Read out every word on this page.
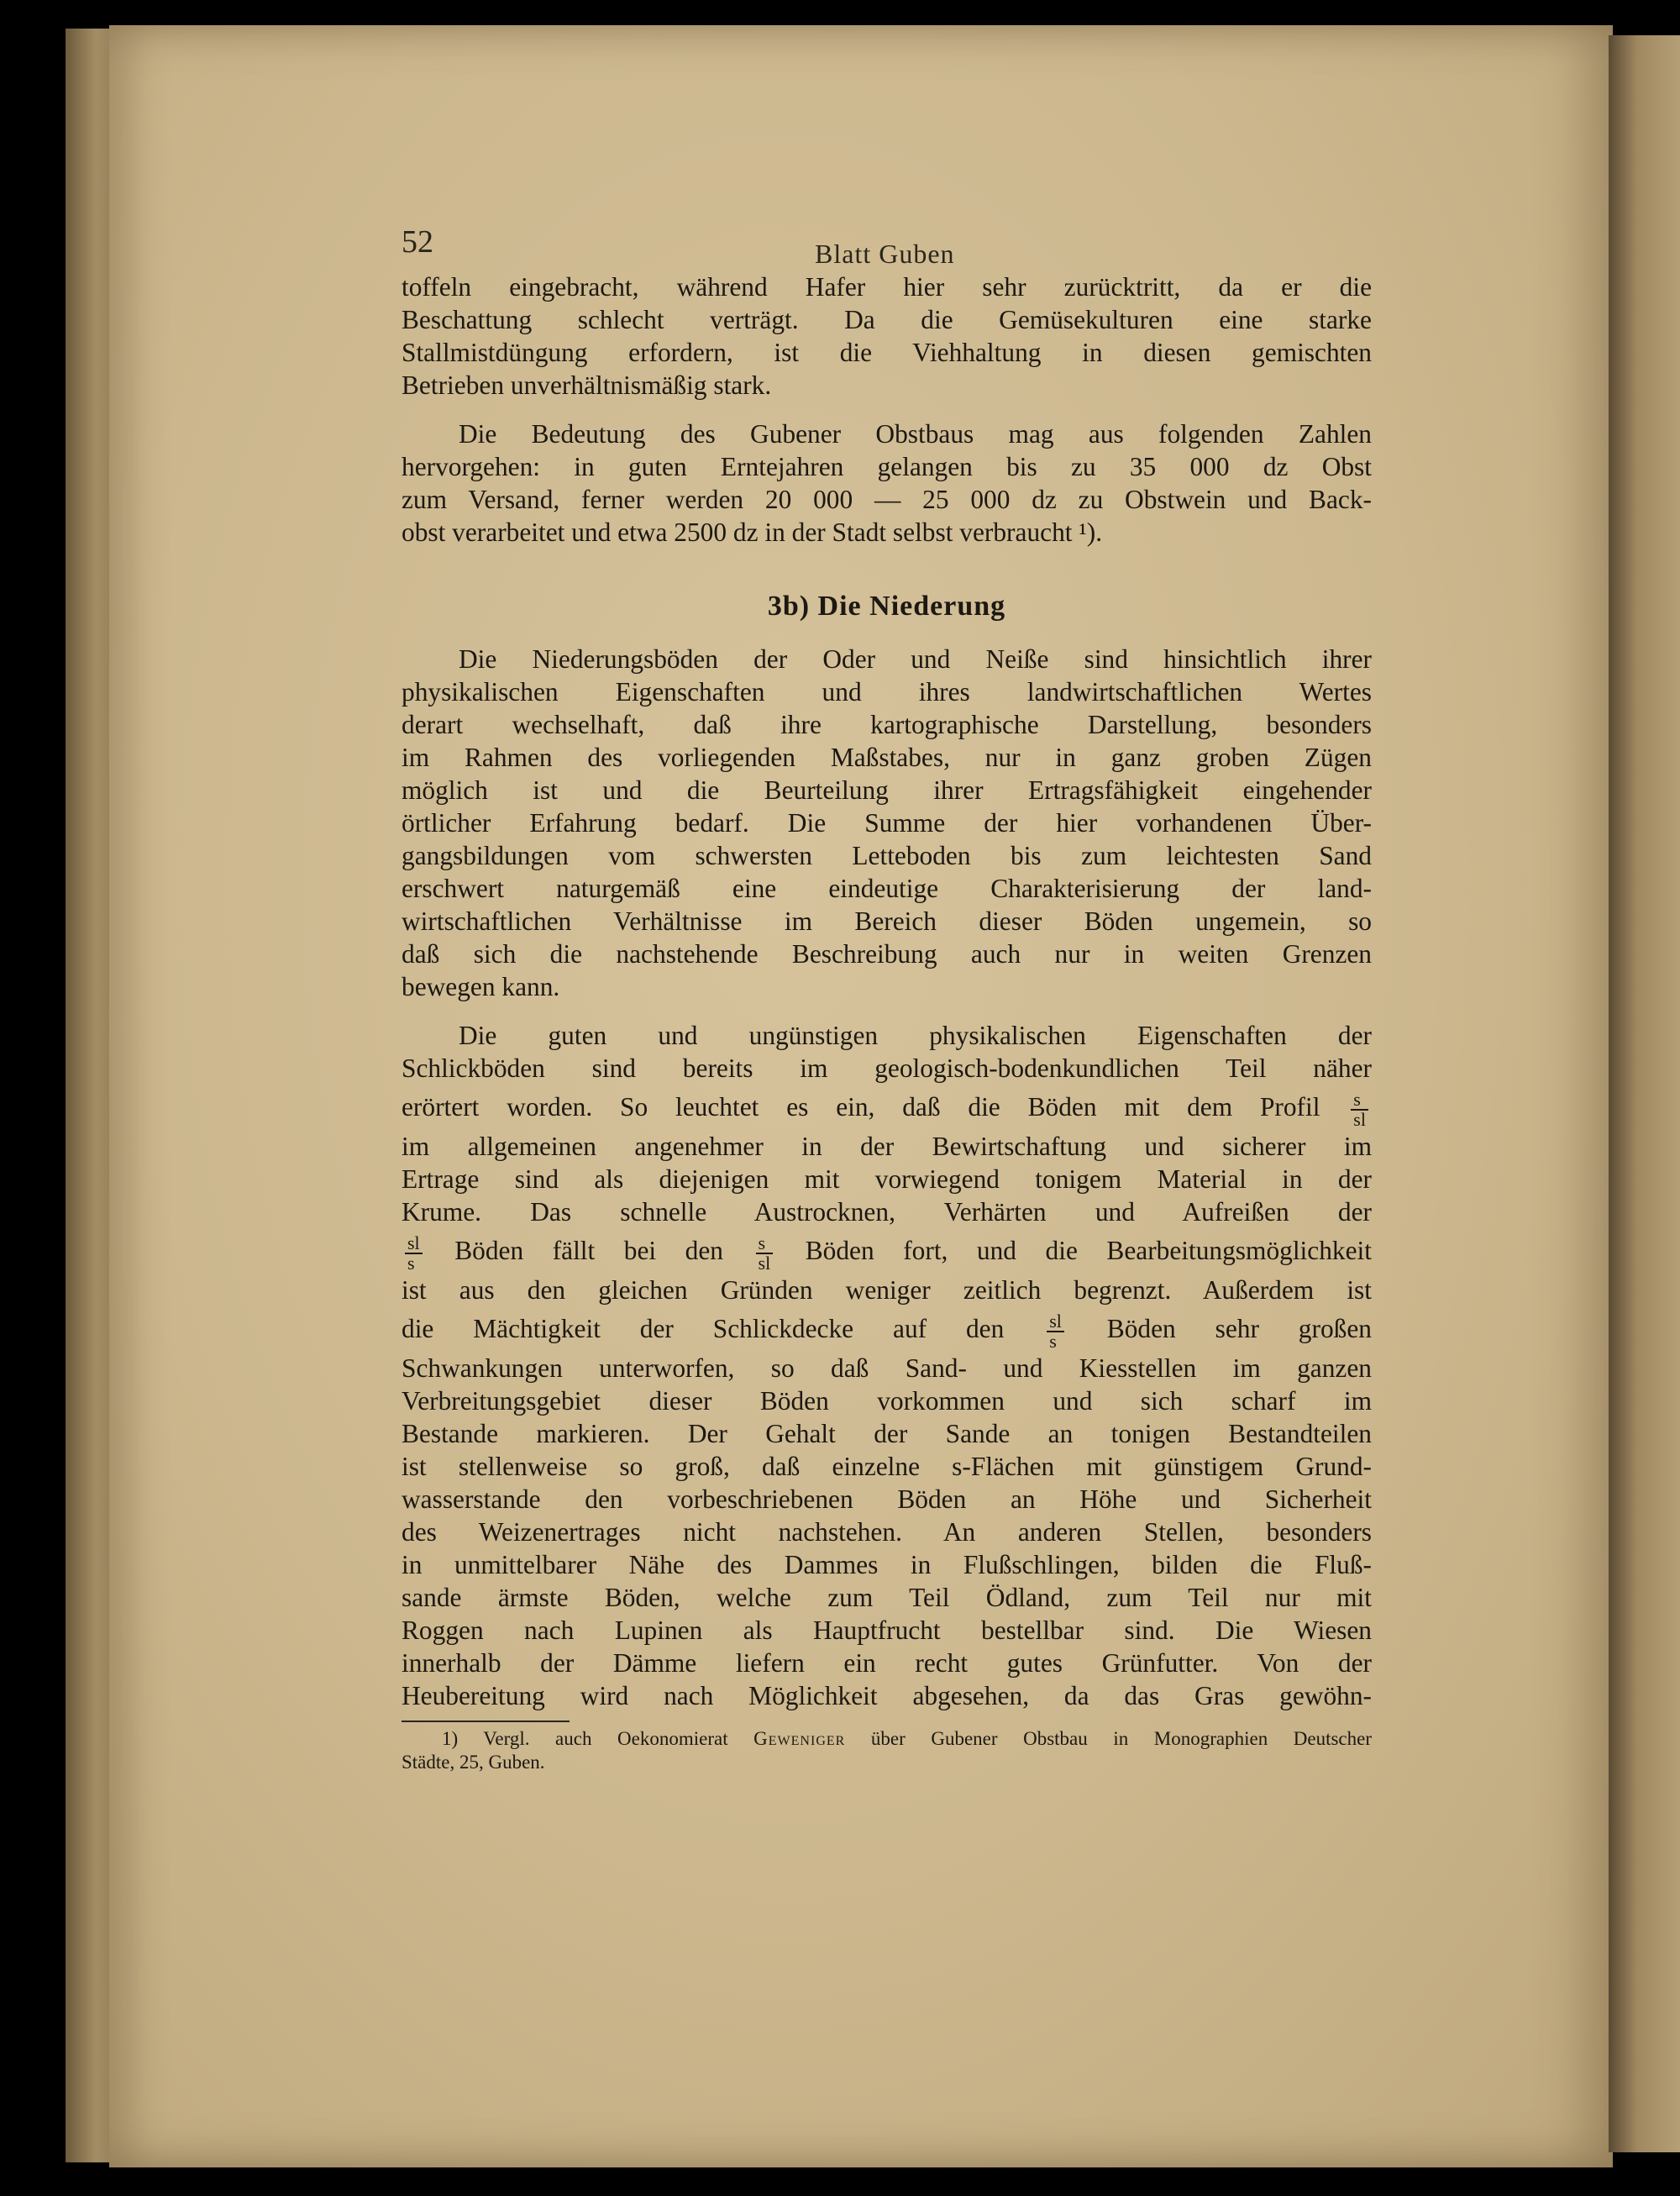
52	Blatt Guben
toffeln eingebracht, während Hafer hier sehr zurücktritt, da er die
Beschattung schlecht verträgt. Da die Gemüsekulturen eine starke
Stallmistdüngung erfordern, ist die Viehhaltung in diesen gemischten
Betrieben unverhältnismäßig stark.
Die Bedeutung des Gubener Obstbaus mag aus folgenden Zahlen
hervorgehen: in guten Erntejahren gelangen bis zu 35 000 dz Obst
zum Versand, ferner werden 20 000 — 25 000 dz zu Obstwein und Back-
obst verarbeitet und etwa 2500 dz in der Stadt selbst verbraucht ¹).
3b) Die Niederung
Die Niederungsböden der Oder und Neiße sind hinsichtlich ihrer
physikalischen Eigenschaften und ihres landwirtschaftlichen Wertes
derart wechselhaft, daß ihre kartographische Darstellung, besonders
im Rahmen des vorliegenden Maßstabes, nur in ganz groben Zügen
möglich ist und die Beurteilung ihrer Ertragsfähigkeit eingehender
örtlicher Erfahrung bedarf. Die Summe der hier vorhandenen Über-
gangsbildungen vom schwersten Letteboden bis zum leichtesten Sand
erschwert naturgemäß eine eindeutige Charakterisierung der land-
wirtschaftlichen Verhältnisse im Bereich dieser Böden ungemein, so
daß sich die nachstehende Beschreibung auch nur in weiten Grenzen
bewegen kann.
Die guten und ungünstigen physikalischen Eigenschaften der
Schlickböden sind bereits im geologisch-bodenkundlichen Teil näher
erörtert worden. So leuchtet es ein, daß die Böden mit dem Profil $\frac{s}{sl}$
im allgemeinen angenehmer in der Bewirtschaftung und sicherer im
Ertrage sind als diejenigen mit vorwiegend tonigem Material in der
Krume. Das schnelle Austrocknen, Verhärten und Aufreißen der
$\frac{sl}{s}$ Böden fällt bei den $\frac{s}{sl}$ Böden fort, und die Bearbeitungsmöglichkeit
ist aus den gleichen Gründen weniger zeitlich begrenzt. Außerdem ist
die Mächtigkeit der Schlickdecke auf den $\frac{sl}{s}$ Böden sehr großen
Schwankungen unterworfen, so daß Sand- und Kiesstellen im ganzen
Verbreitungsgebiet dieser Böden vorkommen und sich scharf im
Bestande markieren. Der Gehalt der Sande an tonigen Bestandteilen
ist stellenweise so groß, daß einzelne s-Flächen mit günstigem Grund-
wasserstande den vorbeschriebenen Böden an Höhe und Sicherheit
des Weizenertrages nicht nachstehen. An anderen Stellen, besonders
in unmittelbarer Nähe des Dammes in Flußschlingen, bilden die Fluß-
sande ärmste Böden, welche zum Teil Ödland, zum Teil nur mit
Roggen nach Lupinen als Hauptfrucht bestellbar sind. Die Wiesen
innerhalb der Dämme liefern ein recht gutes Grünfutter. Von der
Heubereitung wird nach Möglichkeit abgesehen, da das Gras gewöhn-
1) Vergl. auch Oekonomierat Geweniger über Gubener Obstbau in Monographien Deutscher
Städte, 25, Guben.
